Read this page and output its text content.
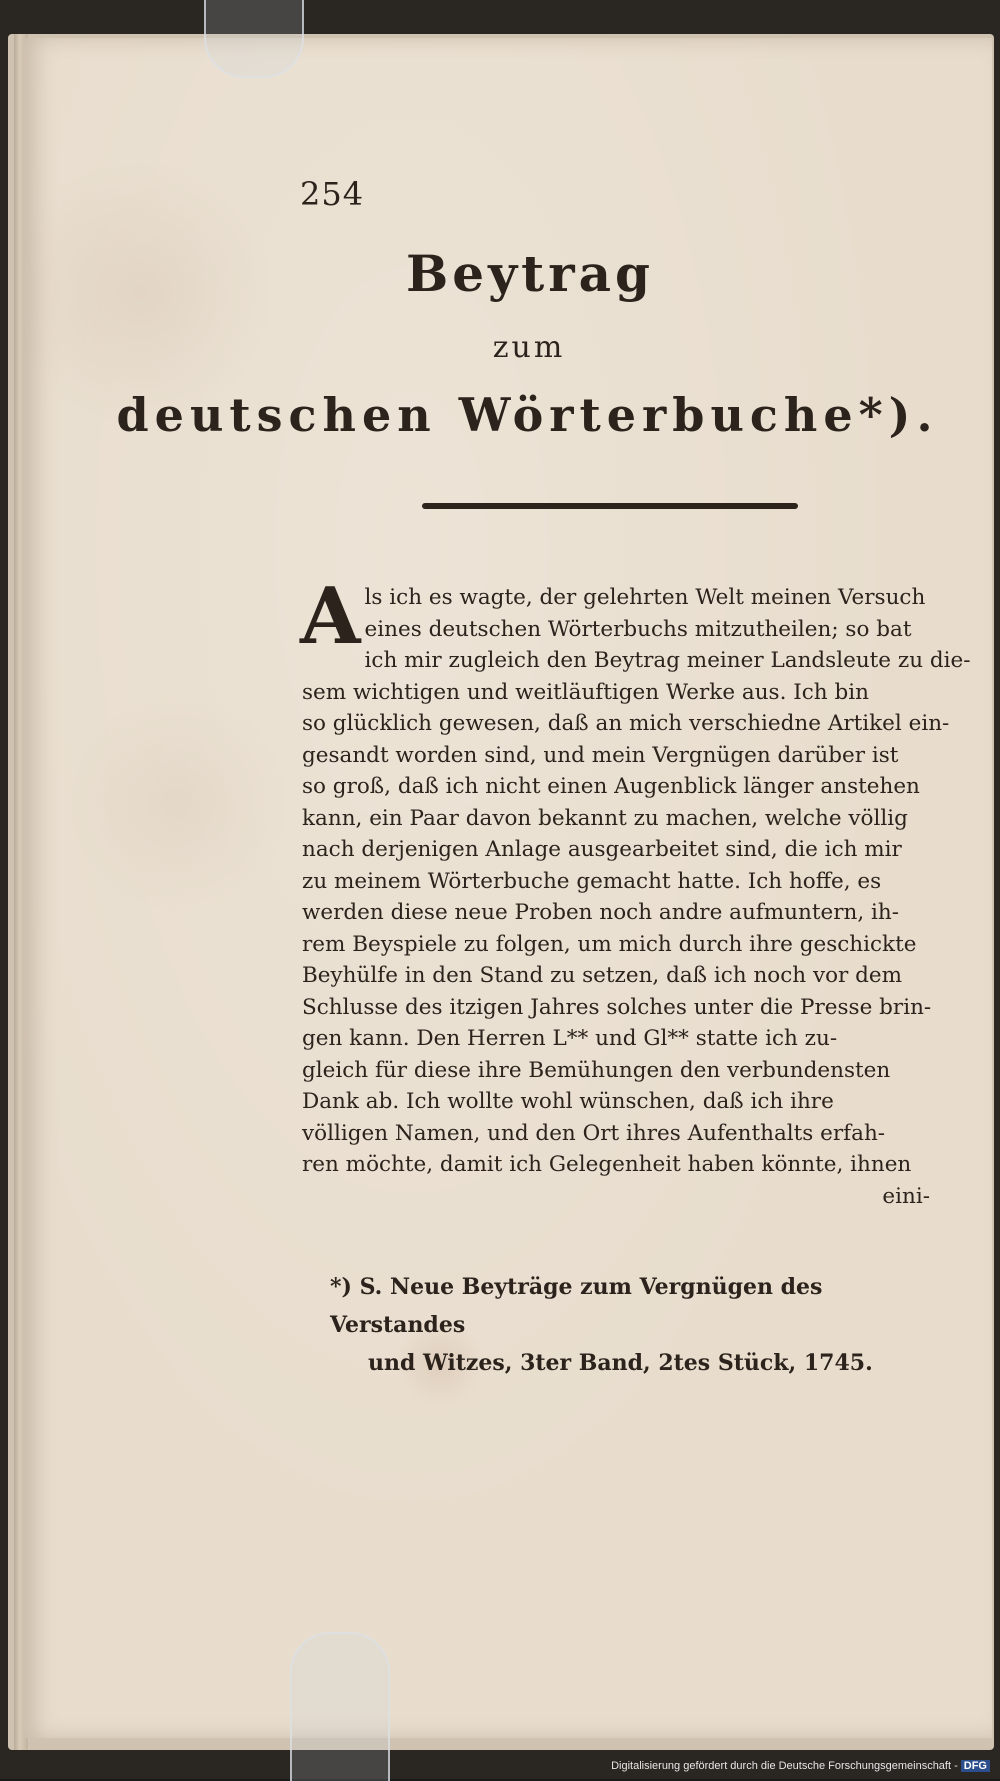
254
Beytrag
zum
deutschen Wörterbuche*).
A ls ich es wagte, der gelehrten Welt meinen Versuch
eines deutschen Wörterbuchs mitzutheilen; so bat
ich mir zugleich den Beytrag meiner Landsleute zu die-
sem wichtigen und weitläuftigen Werke aus. Ich bin
so glücklich gewesen, daß an mich verschiedne Artikel ein-
gesandt worden sind, und mein Vergnügen darüber ist
so groß, daß ich nicht einen Augenblick länger anstehen
kann, ein Paar davon bekannt zu machen, welche völlig
nach derjenigen Anlage ausgearbeitet sind, die ich mir
zu meinem Wörterbuche gemacht hatte. Ich hoffe, es
werden diese neue Proben noch andre aufmuntern, ih-
rem Beyspiele zu folgen, um mich durch ihre geschickte
Beyhülfe in den Stand zu setzen, daß ich noch vor dem
Schlusse des itzigen Jahres solches unter die Presse brin-
gen kann. Den Herren L** und Gl** statte ich zu-
gleich für diese ihre Bemühungen den verbundensten
Dank ab. Ich wollte wohl wünschen, daß ich ihre
völligen Namen, und den Ort ihres Aufenthalts erfah-
ren möchte, damit ich Gelegenheit haben könnte, ihnen
eini-
*) S. Neue Beyträge zum Vergnügen des Verstandes
und Witzes, 3ter Band, 2tes Stück, 1745.
Digitalisierung gefördert durch die Deutsche Forschungsgemeinschaft - DFG
